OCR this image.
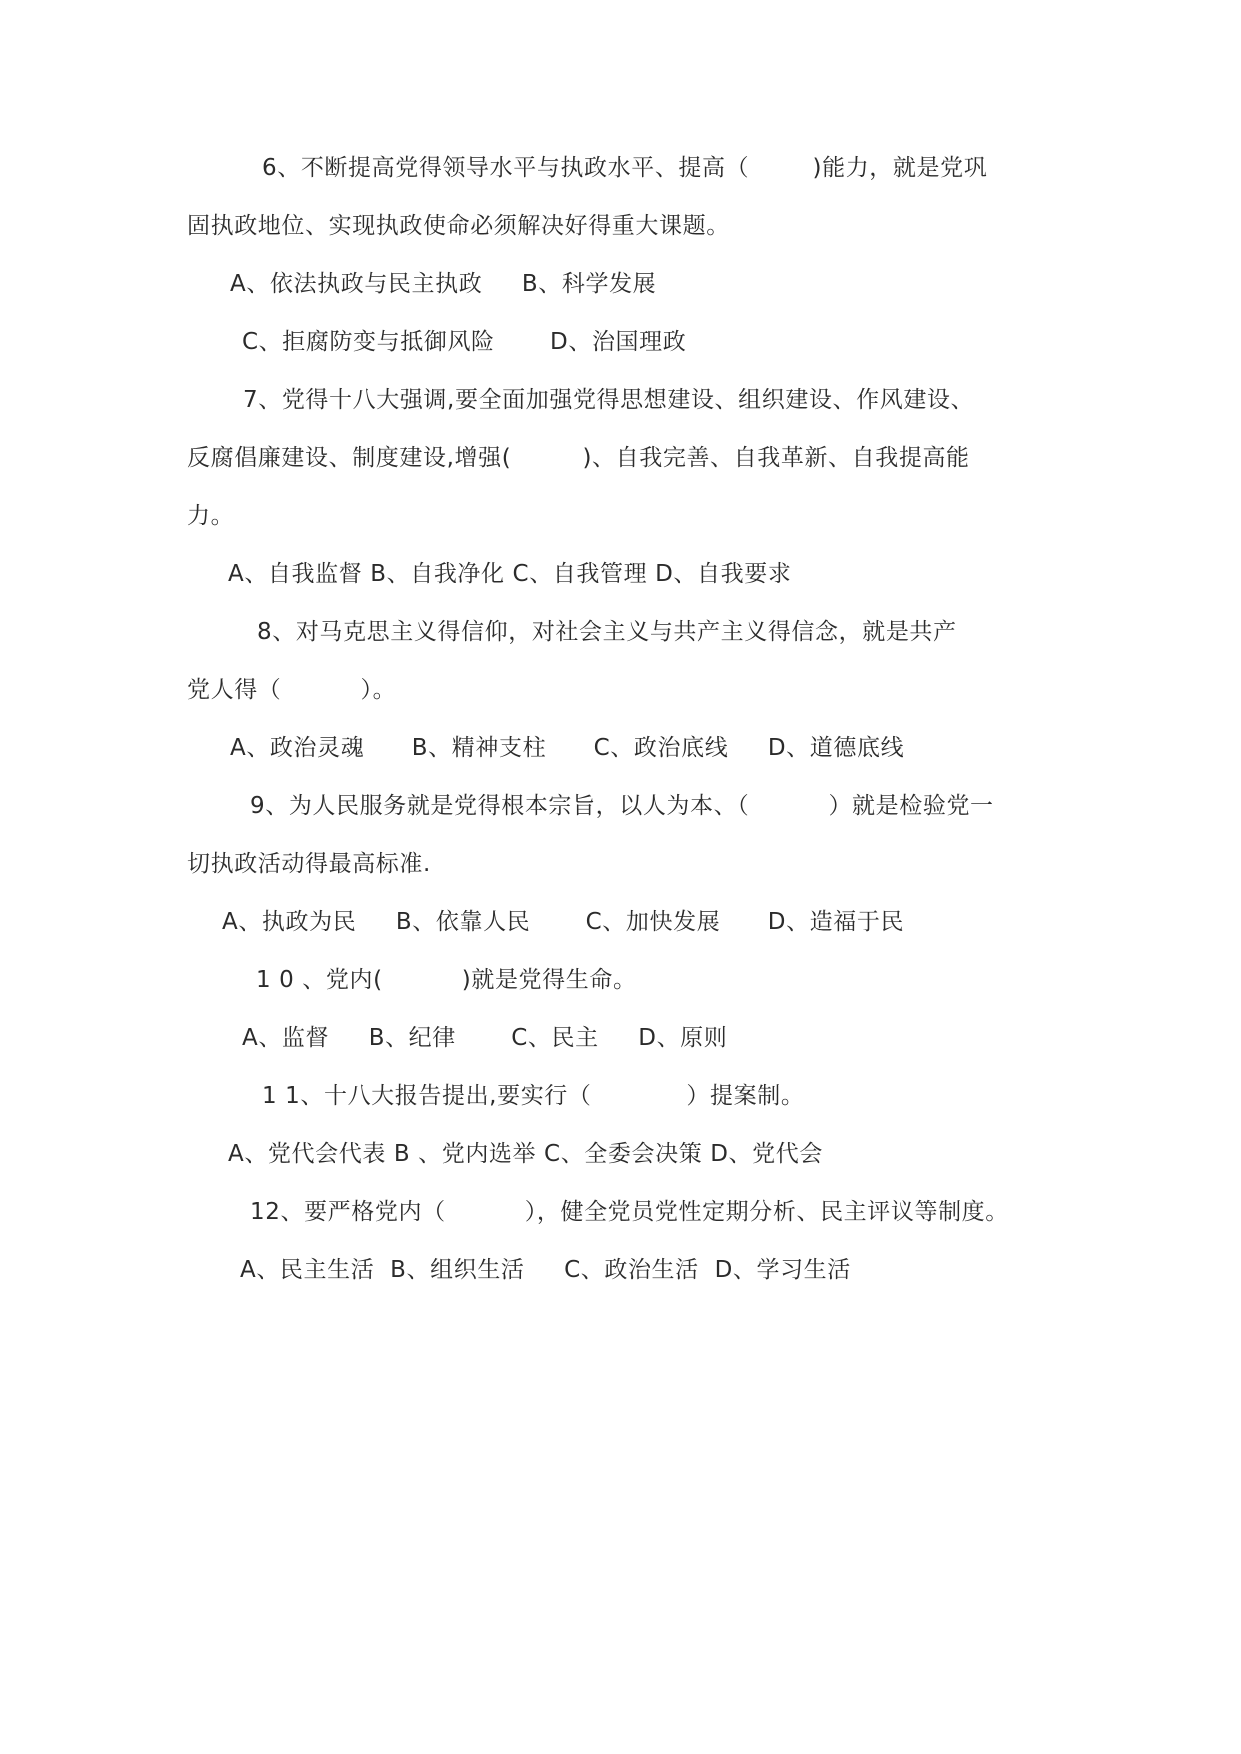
6、不断提高党得领导水平与执政水平、提高（        )能力，就是党巩
固执政地位、实现执政使命必须解决好得重大课题。
A、依法执政与民主执政     B、科学发展
C、拒腐防变与抵御风险       D、治国理政
7、党得十八大强调,要全面加强党得思想建设、组织建设、作风建设、
反腐倡廉建设、制度建设,增强(         )、自我完善、自我革新、自我提高能
力。
A、自我监督 B、自我净化 C、自我管理 D、自我要求
8、对马克思主义得信仰，对社会主义与共产主义得信念，就是共产
党人得（          ）。
A、政治灵魂      B、精神支柱      C、政治底线     D、道德底线
9、为人民服务就是党得根本宗旨，以人为本、（          ）就是检验党一
切执政活动得最高标准.
A、执政为民     B、依靠人民       C、加快发展      D、造福于民
1 0 、党内(          )就是党得生命。
A、监督     B、纪律       C、民主     D、原则
1 1、十八大报告提出,要实行（            ）提案制。
A、党代会代表 B 、党内选举 C、全委会决策 D、党代会
12、要严格党内（          ），健全党员党性定期分析、民主评议等制度。
A、民主生活  B、组织生活     C、政治生活  D、学习生活
